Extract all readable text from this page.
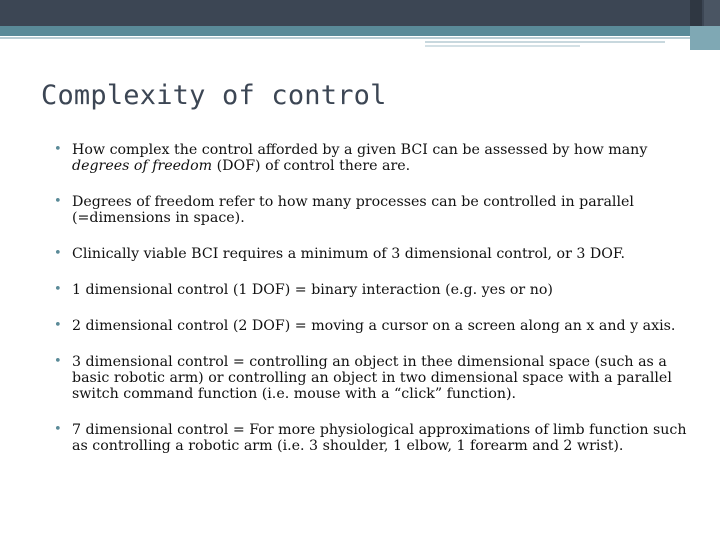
Complexity of control
• How complex the control afforded by a given BCI can be assessed by how many degrees of freedom (DOF) of control there are.
• Degrees of freedom refer to how many processes can be controlled in parallel (=dimensions in space).
• Clinically viable BCI requires a minimum of 3 dimensional control, or 3 DOF.
• 1 dimensional control (1 DOF) = binary interaction (e.g. yes or no)
• 2 dimensional control (2 DOF) = moving a cursor on a screen along an x and y axis.
• 3 dimensional control = controlling an object in thee dimensional space (such as a basic robotic arm) or controlling an object in two dimensional space with a parallel switch command function (i.e. mouse with a “click” function).
• 7 dimensional control = For more physiological approximations of limb function such as controlling a robotic arm (i.e. 3 shoulder, 1 elbow, 1 forearm and 2 wrist).
